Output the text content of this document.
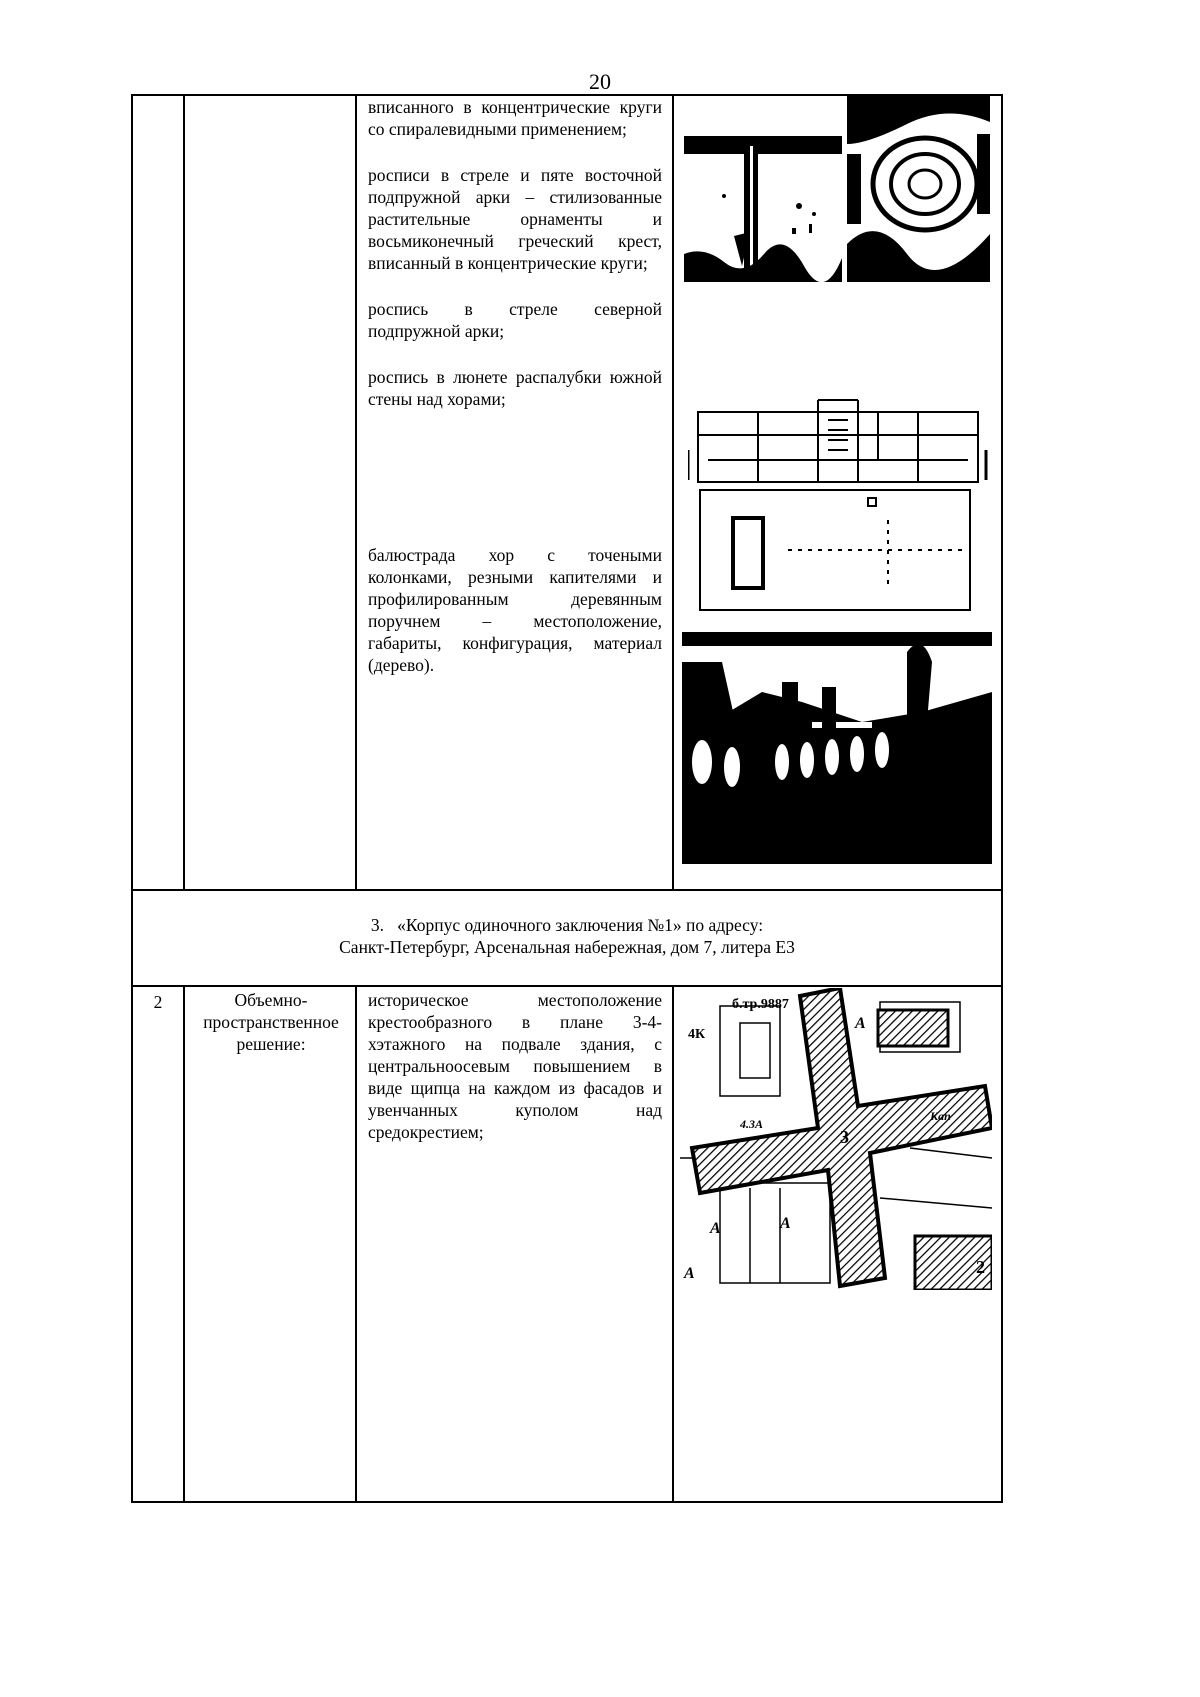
20

вписанного в концентрические круги со спиралевидными применением;

росписи в стреле и пяте восточной подпружной арки – стилизованные растительные орнаменты и восьмиконечный греческий крест, вписанный в концентрические круги;

роспись в стреле северной подпружной арки;

роспись в люнете распалубки южной стены над хорами;

балюстрада хор с точеными колонками, резными капителями и профилированным деревянным поручнем – местоположение, габариты, конфигурация, материал (дерево).
3. «Корпус одиночного заключения №1» по адресу:
Санкт-Петербург, Арсенальная набережная, дом 7, литера Е3
2	Объемно-пространственное решение:
историческое местоположение крестообразного в плане 3-4-хэтажного на подвале здания, с центральноосевым повышением в виде щипца на каждом из фасадов и увенчанных куполом над средокрестием;
б.тр.9887
3
2
А
А	А
А
4К
4.3А
Кап
